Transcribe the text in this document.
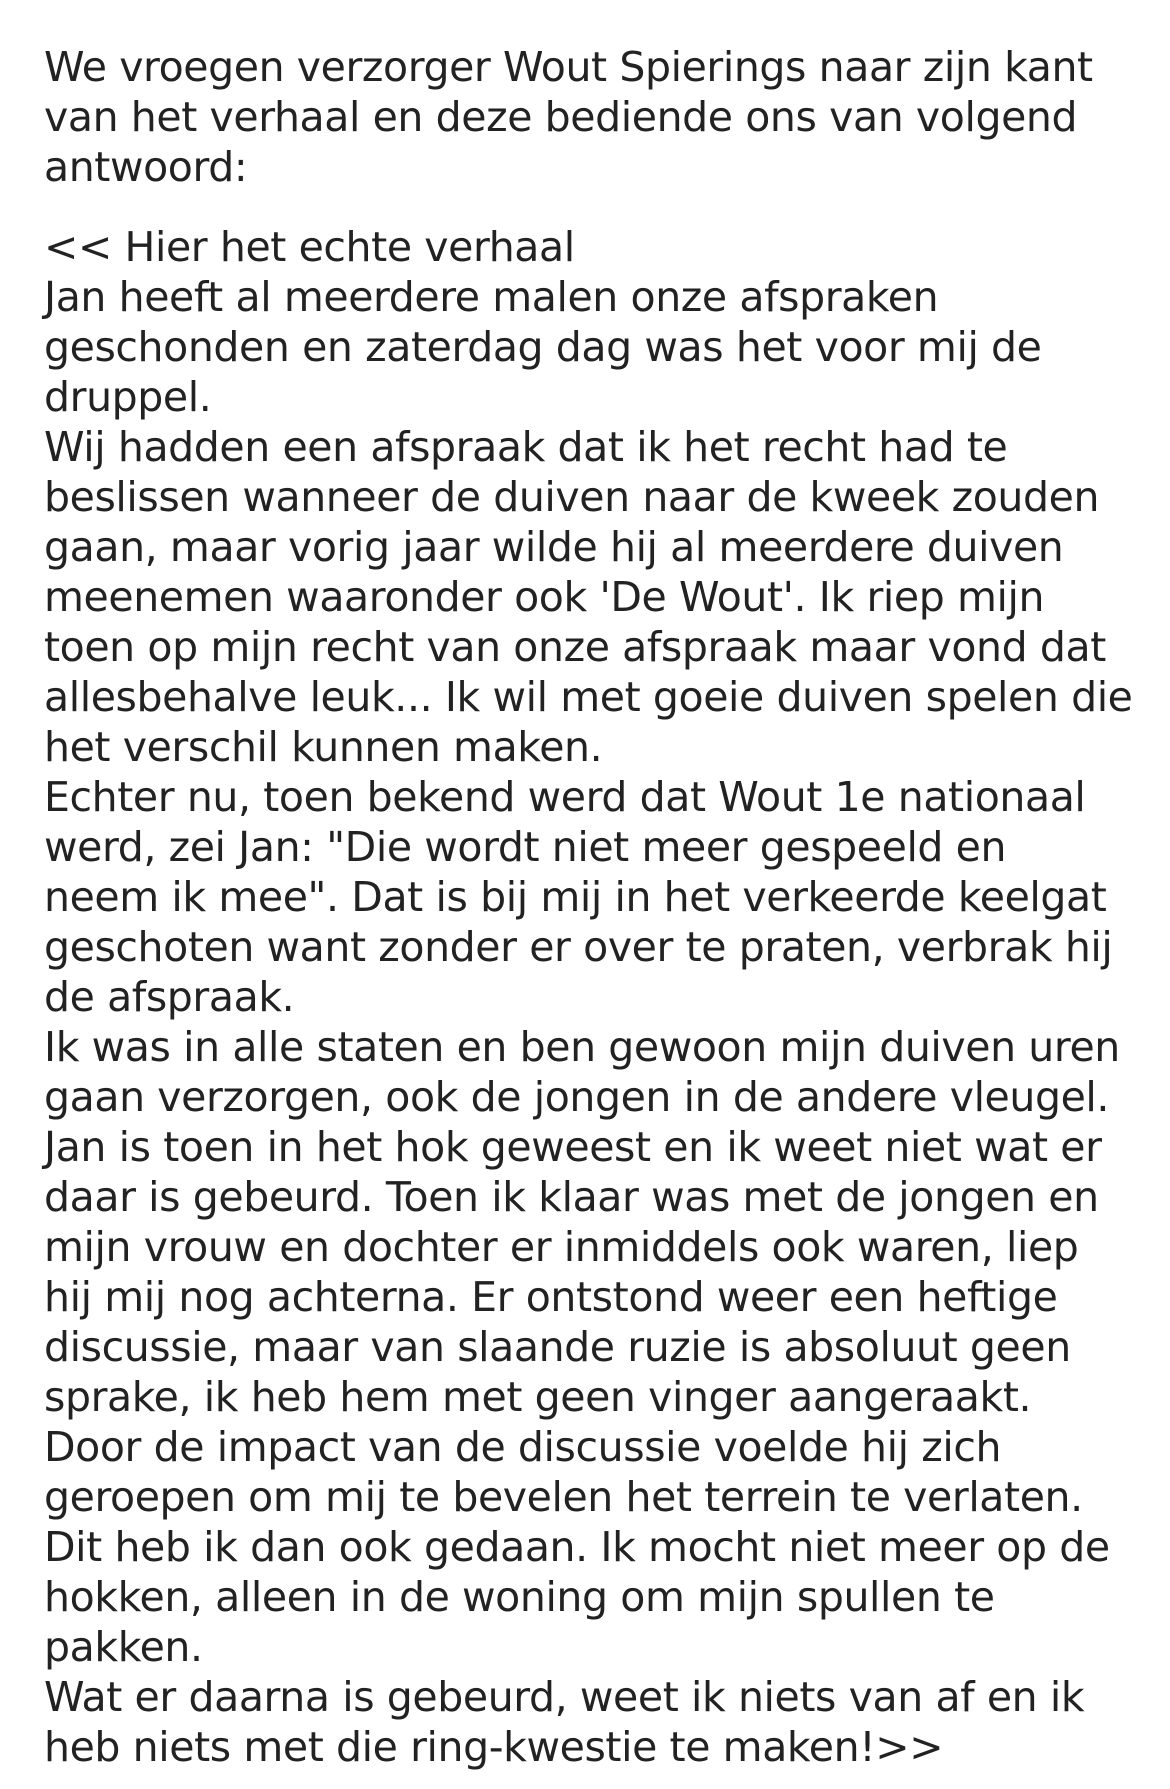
We vroegen verzorger Wout Spierings naar zijn kant
van het verhaal en deze bediende ons van volgend
antwoord:
<< Hier het echte verhaal
Jan heeft al meerdere malen onze afspraken
geschonden en zaterdag dag was het voor mij de
druppel.
Wij hadden een afspraak dat ik het recht had te
beslissen wanneer de duiven naar de kweek zouden
gaan, maar vorig jaar wilde hij al meerdere duiven
meenemen waaronder ook 'De Wout'. Ik riep mijn
toen op mijn recht van onze afspraak maar vond dat
allesbehalve leuk... Ik wil met goeie duiven spelen die
het verschil kunnen maken.
Echter nu, toen bekend werd dat Wout 1e nationaal
werd, zei Jan: "Die wordt niet meer gespeeld en
neem ik mee". Dat is bij mij in het verkeerde keelgat
geschoten want zonder er over te praten, verbrak hij
de afspraak.
Ik was in alle staten en ben gewoon mijn duiven uren
gaan verzorgen, ook de jongen in de andere vleugel.
Jan is toen in het hok geweest en ik weet niet wat er
daar is gebeurd. Toen ik klaar was met de jongen en
mijn vrouw en dochter er inmiddels ook waren, liep
hij mij nog achterna. Er ontstond weer een heftige
discussie, maar van slaande ruzie is absoluut geen
sprake, ik heb hem met geen vinger aangeraakt.
Door de impact van de discussie voelde hij zich
geroepen om mij te bevelen het terrein te verlaten.
Dit heb ik dan ook gedaan. Ik mocht niet meer op de
hokken, alleen in de woning om mijn spullen te
pakken.
Wat er daarna is gebeurd, weet ik niets van af en ik
heb niets met die ring-kwestie te maken!>>
